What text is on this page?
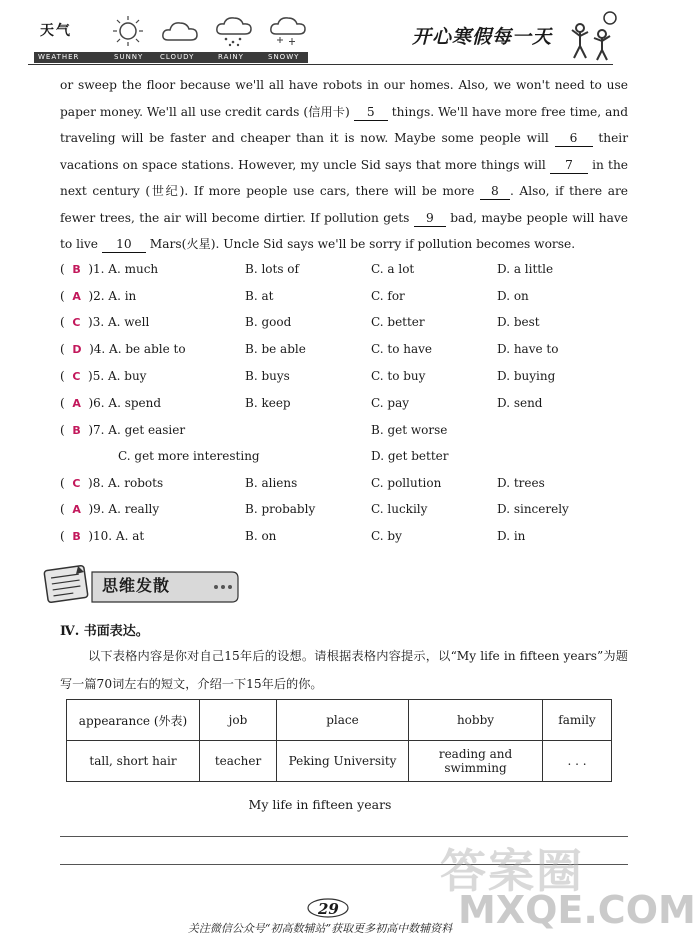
天气
WEATHER	SUNNY CLOUDY	RAINY	SNOWY
开心寒假每一天
or sweep the floor because we'll all have robots in our homes. Also, we won't need to use paper money. We'll all use credit cards (信用卡) 5 things. We'll have more free time, and traveling will be faster and cheaper than it is now. Maybe some people will 6 their vacations on space stations. However, my uncle Sid says that more things will 7 in the next century (世纪). If more people use cars, there will be more 8 . Also, if there are fewer trees, the air will become dirtier. If pollution gets 9 bad, maybe people will have to live 10 Mars(火星). Uncle Sid says we'll be sorry if pollution becomes worse.
(  B )1. A. much	B. lots of	C. a lot	D. a little
(  A )2. A. in	B. at	C. for	D. on
(  C )3. A. well	B. good	C. better	D. best
(  D )4. A. be able to	B. be able	C. to have	D. have to
(  C )5. A. buy	B. buys	C. to buy	D. buying
(  A )6. A. spend	B. keep	C. pay	D. send
(  B )7. A. get easier	B. get worse
C. get more interesting	D. get better
(  C )8. A. robots	B. aliens	C. pollution	D. trees
(  A )9. A. really	B. probably	C. luckily	D. sincerely
(  B )10. A. at	B. on	C. by	D. in
思维发散
Ⅳ. 书面表达。
以下表格内容是你对自己15年后的设想。请根据表格内容提示，以“My life in fifteen years”为题写一篇70词左右的短文，介绍一下15年后的你。
appearance (外表)	job	place	hobby	family
tall, short hair	teacher	Peking University	reading and swimming	. . .
My life in fifteen years
答案圈
MXQE.COM
29
关注微信公众号“初高数辅站”获取更多初高中数辅资料
